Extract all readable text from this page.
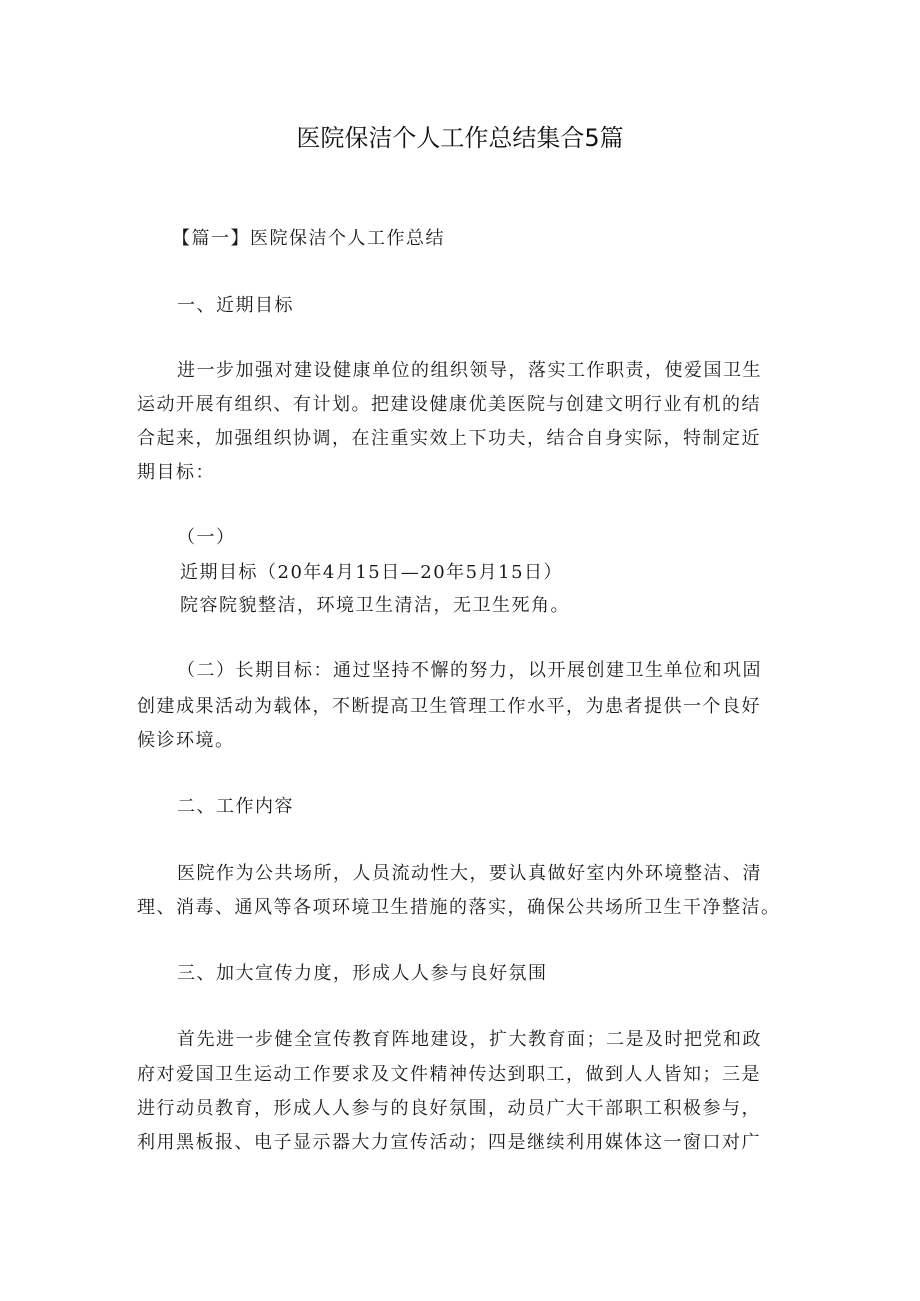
医院保洁个人工作总结集合5篇
【篇一】医院保洁个人工作总结
一、近期目标
进一步加强对建设健康单位的组织领导，落实工作职责，使爱国卫生
运动开展有组织、有计划。把建设健康优美医院与创建文明行业有机的结
合起来，加强组织协调，在注重实效上下功夫，结合自身实际，特制定近
期目标：
（一）
近期目标（20年4月15日—20年5月15日）
院容院貌整洁，环境卫生清洁，无卫生死角。
（二）长期目标：通过坚持不懈的努力，以开展创建卫生单位和巩固
创建成果活动为载体，不断提高卫生管理工作水平，为患者提供一个良好
候诊环境。
二、工作内容
医院作为公共场所，人员流动性大，要认真做好室内外环境整洁、清
理、消毒、通风等各项环境卫生措施的落实，确保公共场所卫生干净整洁。
三、加大宣传力度，形成人人参与良好氛围
首先进一步健全宣传教育阵地建设，扩大教育面；二是及时把党和政
府对爱国卫生运动工作要求及文件精神传达到职工，做到人人皆知；三是
进行动员教育，形成人人参与的良好氛围，动员广大干部职工积极参与，
利用黑板报、电子显示器大力宣传活动；四是继续利用媒体这一窗口对广
